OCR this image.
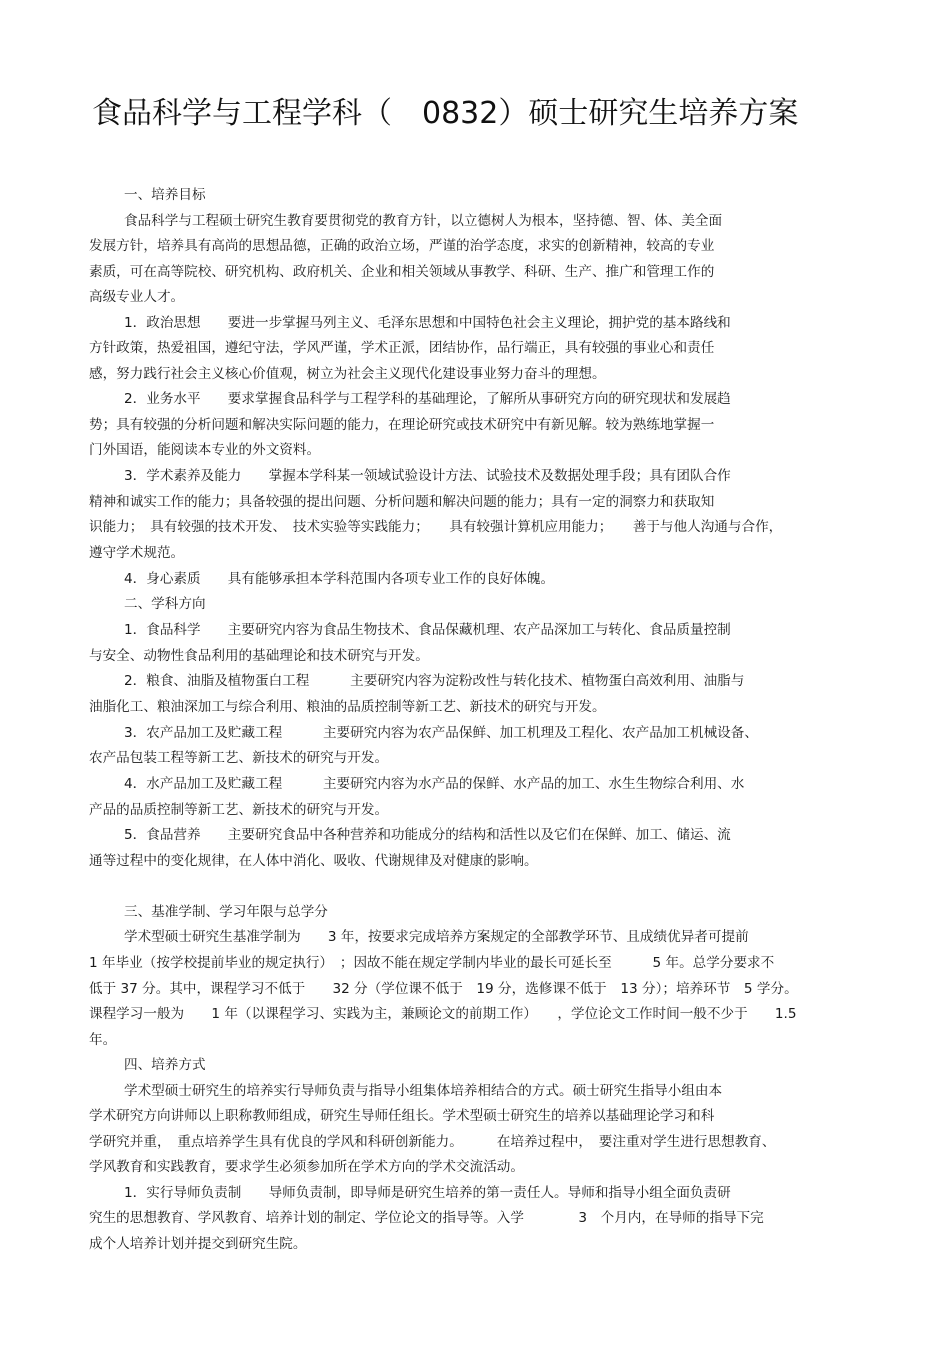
食品科学与工程学科（　0832）硕士研究生培养方案
一、培养目标
食品科学与工程硕士研究生教育要贯彻党的教育方针，以立德树人为根本，坚持德、智、体、美全面
发展方针，培养具有高尚的思想品德，正确的政治立场，严谨的治学态度，求实的创新精神，较高的专业
素质，可在高等院校、研究机构、政府机关、企业和相关领域从事教学、科研、生产、推广和管理工作的
高级专业人才。
1．政治思想　　要进一步掌握马列主义、毛泽东思想和中国特色社会主义理论，拥护党的基本路线和
方针政策，热爱祖国，遵纪守法，学风严谨，学术正派，团结协作，品行端正，具有较强的事业心和责任
感，努力践行社会主义核心价值观，树立为社会主义现代化建设事业努力奋斗的理想。
2．业务水平　　要求掌握食品科学与工程学科的基础理论，了解所从事研究方向的研究现状和发展趋
势；具有较强的分析问题和解决实际问题的能力，在理论研究或技术研究中有新见解。较为熟练地掌握一
门外国语，能阅读本专业的外文资料。
3．学术素养及能力　　掌握本学科某一领域试验设计方法、试验技术及数据处理手段；具有团队合作
精神和诚实工作的能力；具备较强的提出问题、分析问题和解决问题的能力；具有一定的洞察力和获取知
识能力；　具有较强的技术开发、　技术实验等实践能力；　　具有较强计算机应用能力；　　善于与他人沟通与合作，
遵守学术规范。
4．身心素质　　具有能够承担本学科范围内各项专业工作的良好体魄。
二、学科方向
1．食品科学　　主要研究内容为食品生物技术、食品保藏机理、农产品深加工与转化、食品质量控制
与安全、动物性食品利用的基础理论和技术研究与开发。
2．粮食、油脂及植物蛋白工程　　　主要研究内容为淀粉改性与转化技术、植物蛋白高效利用、油脂与
油脂化工、粮油深加工与综合利用、粮油的品质控制等新工艺、新技术的研究与开发。
3．农产品加工及贮藏工程　　　主要研究内容为农产品保鲜、加工机理及工程化、农产品加工机械设备、
农产品包装工程等新工艺、新技术的研究与开发。
4．水产品加工及贮藏工程　　　主要研究内容为水产品的保鲜、水产品的加工、水生生物综合利用、水
产品的品质控制等新工艺、新技术的研究与开发。
5．食品营养　　主要研究食品中各种营养和功能成分的结构和活性以及它们在保鲜、加工、储运、流
通等过程中的变化规律，在人体中消化、吸收、代谢规律及对健康的影响。
三、基准学制、学习年限与总学分
学术型硕士研究生基准学制为　　3 年，按要求完成培养方案规定的全部教学环节、且成绩优异者可提前
1 年毕业（按学校提前毕业的规定执行）　；因故不能在规定学制内毕业的最长可延长至　　　5 年。总学分要求不
低于 37 分。其中，课程学习不低于　　32 分（学位课不低于　19 分，选修课不低于　13 分）；培养环节　5 学分。
课程学习一般为　　1 年（以课程学习、实践为主，兼顾论文的前期工作）　　，学位论文工作时间一般不少于　　1.5
年。
四、培养方式
学术型硕士研究生的培养实行导师负责与指导小组集体培养相结合的方式。硕士研究生指导小组由本
学术研究方向讲师以上职称教师组成，研究生导师任组长。学术型硕士研究生的培养以基础理论学习和科
学研究并重，　重点培养学生具有优良的学风和科研创新能力。　　　在培养过程中，　要注重对学生进行思想教育、
学风教育和实践教育，要求学生必须参加所在学术方向的学术交流活动。
1．实行导师负责制　　导师负责制，即导师是研究生培养的第一责任人。导师和指导小组全面负责研
究生的思想教育、学风教育、培养计划的制定、学位论文的指导等。入学　　　　3　个月内，在导师的指导下完
成个人培养计划并提交到研究生院。
